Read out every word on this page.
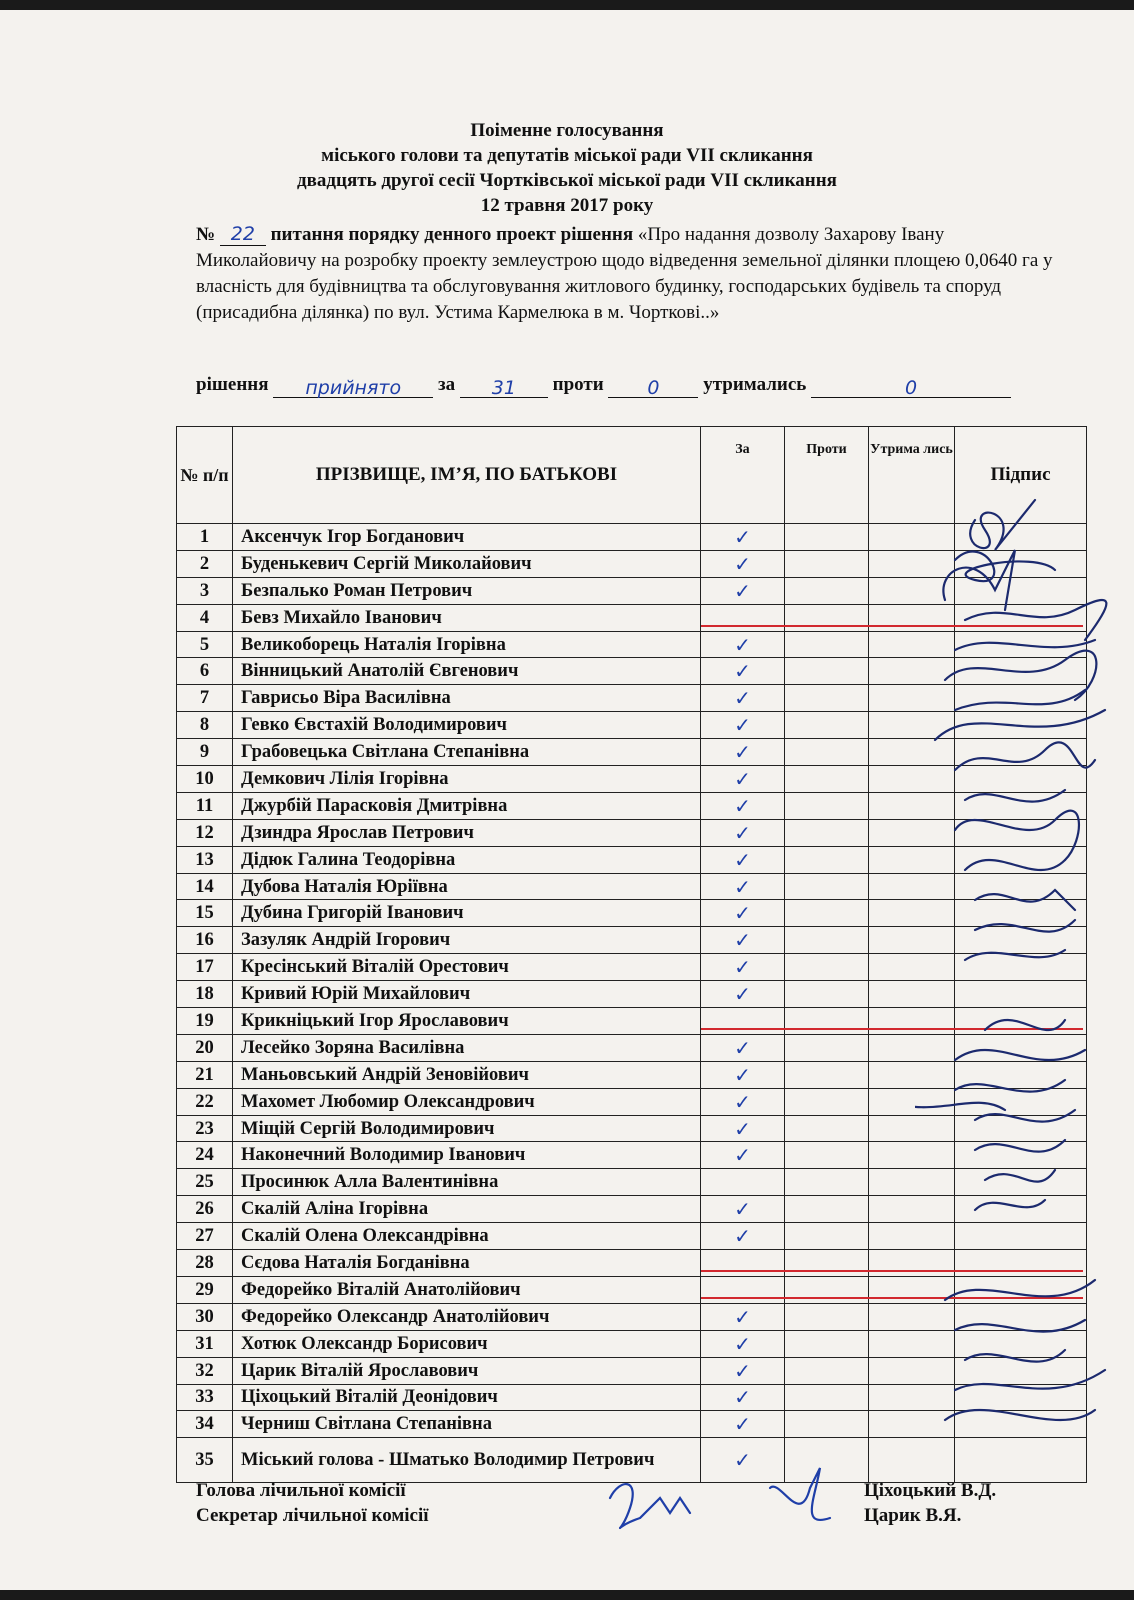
Поіменне голосування
міського голови та депутатів міської ради VII скликання
двадцять другої сесії Чортківської міської ради VII скликання
12 травня 2017 року
№ 22 питання порядку денного проект рішення «Про надання дозволу Захарову Івану Миколайовичу на розробку проекту землеустрою щодо відведення земельної ділянки площею 0,0640 га у власність для будівництва та обслуговування житлового будинку, господарських будівель та споруд (присадибна ділянка) по вул. Устима Кармелюка в м. Чорткові..»
рішення прийнято за 31 проти 0 утримались	0
№ п/п	ПРІЗВИЩЕ, ІМ’Я, ПО БАТЬКОВІ	За	Проти	Утрима лись	Підпис
1	Аксенчук Ігор Богданович	✓			
2	Буденькевич Сергій Миколайович	✓			
3	Безпалько Роман Петрович	✓			
4	Бевз Михайло Іванович				
5	Великоборець Наталія Ігорівна	✓			
6	Вінницький Анатолій Євгенович	✓			
7	Гаврисьо Віра Василівна	✓			
8	Гевко Євстахій Володимирович	✓			
9	Грабовецька Світлана Степанівна	✓			
10	Демкович Лілія Ігорівна	✓			
11	Джурбій Парасковія Дмитрівна	✓			
12	Дзиндра Ярослав Петрович	✓			
13	Дідюк Галина Теодорівна	✓			
14	Дубова Наталія Юріївна	✓			
15	Дубина Григорій Іванович	✓			
16	Зазуляк Андрій Ігорович	✓			
17	Кресінський Віталій Орестович	✓			
18	Кривий Юрій Михайлович	✓			
19	Крикніцький Ігор Ярославович				
20	Лесейко Зоряна Василівна	✓			
21	Маньовський Андрій Зеновійович	✓			
22	Махомет Любомир Олександрович	✓			
23	Міщій Сергій Володимирович	✓			
24	Наконечний Володимир Іванович	✓			
25	Просинюк Алла Валентинівна				
26	Скалій Аліна Ігорівна	✓			
27	Скалій Олена Олександрівна	✓			
28	Сєдова Наталія Богданівна				
29	Федорейко Віталій Анатолійович				
30	Федорейко Олександр Анатолійович	✓			
31	Хотюк Олександр Борисович	✓			
32	Царик Віталій Ярославович	✓			
33	Ціхоцький Віталій Деонідович	✓			
34	Черниш Світлана Степанівна	✓			
35	Міський голова - Шматько Володимир Петрович	✓			
Голова лічильної комісії	Ціхоцький В.Д.
Секретар лічильної комісії	Царик В.Я.
